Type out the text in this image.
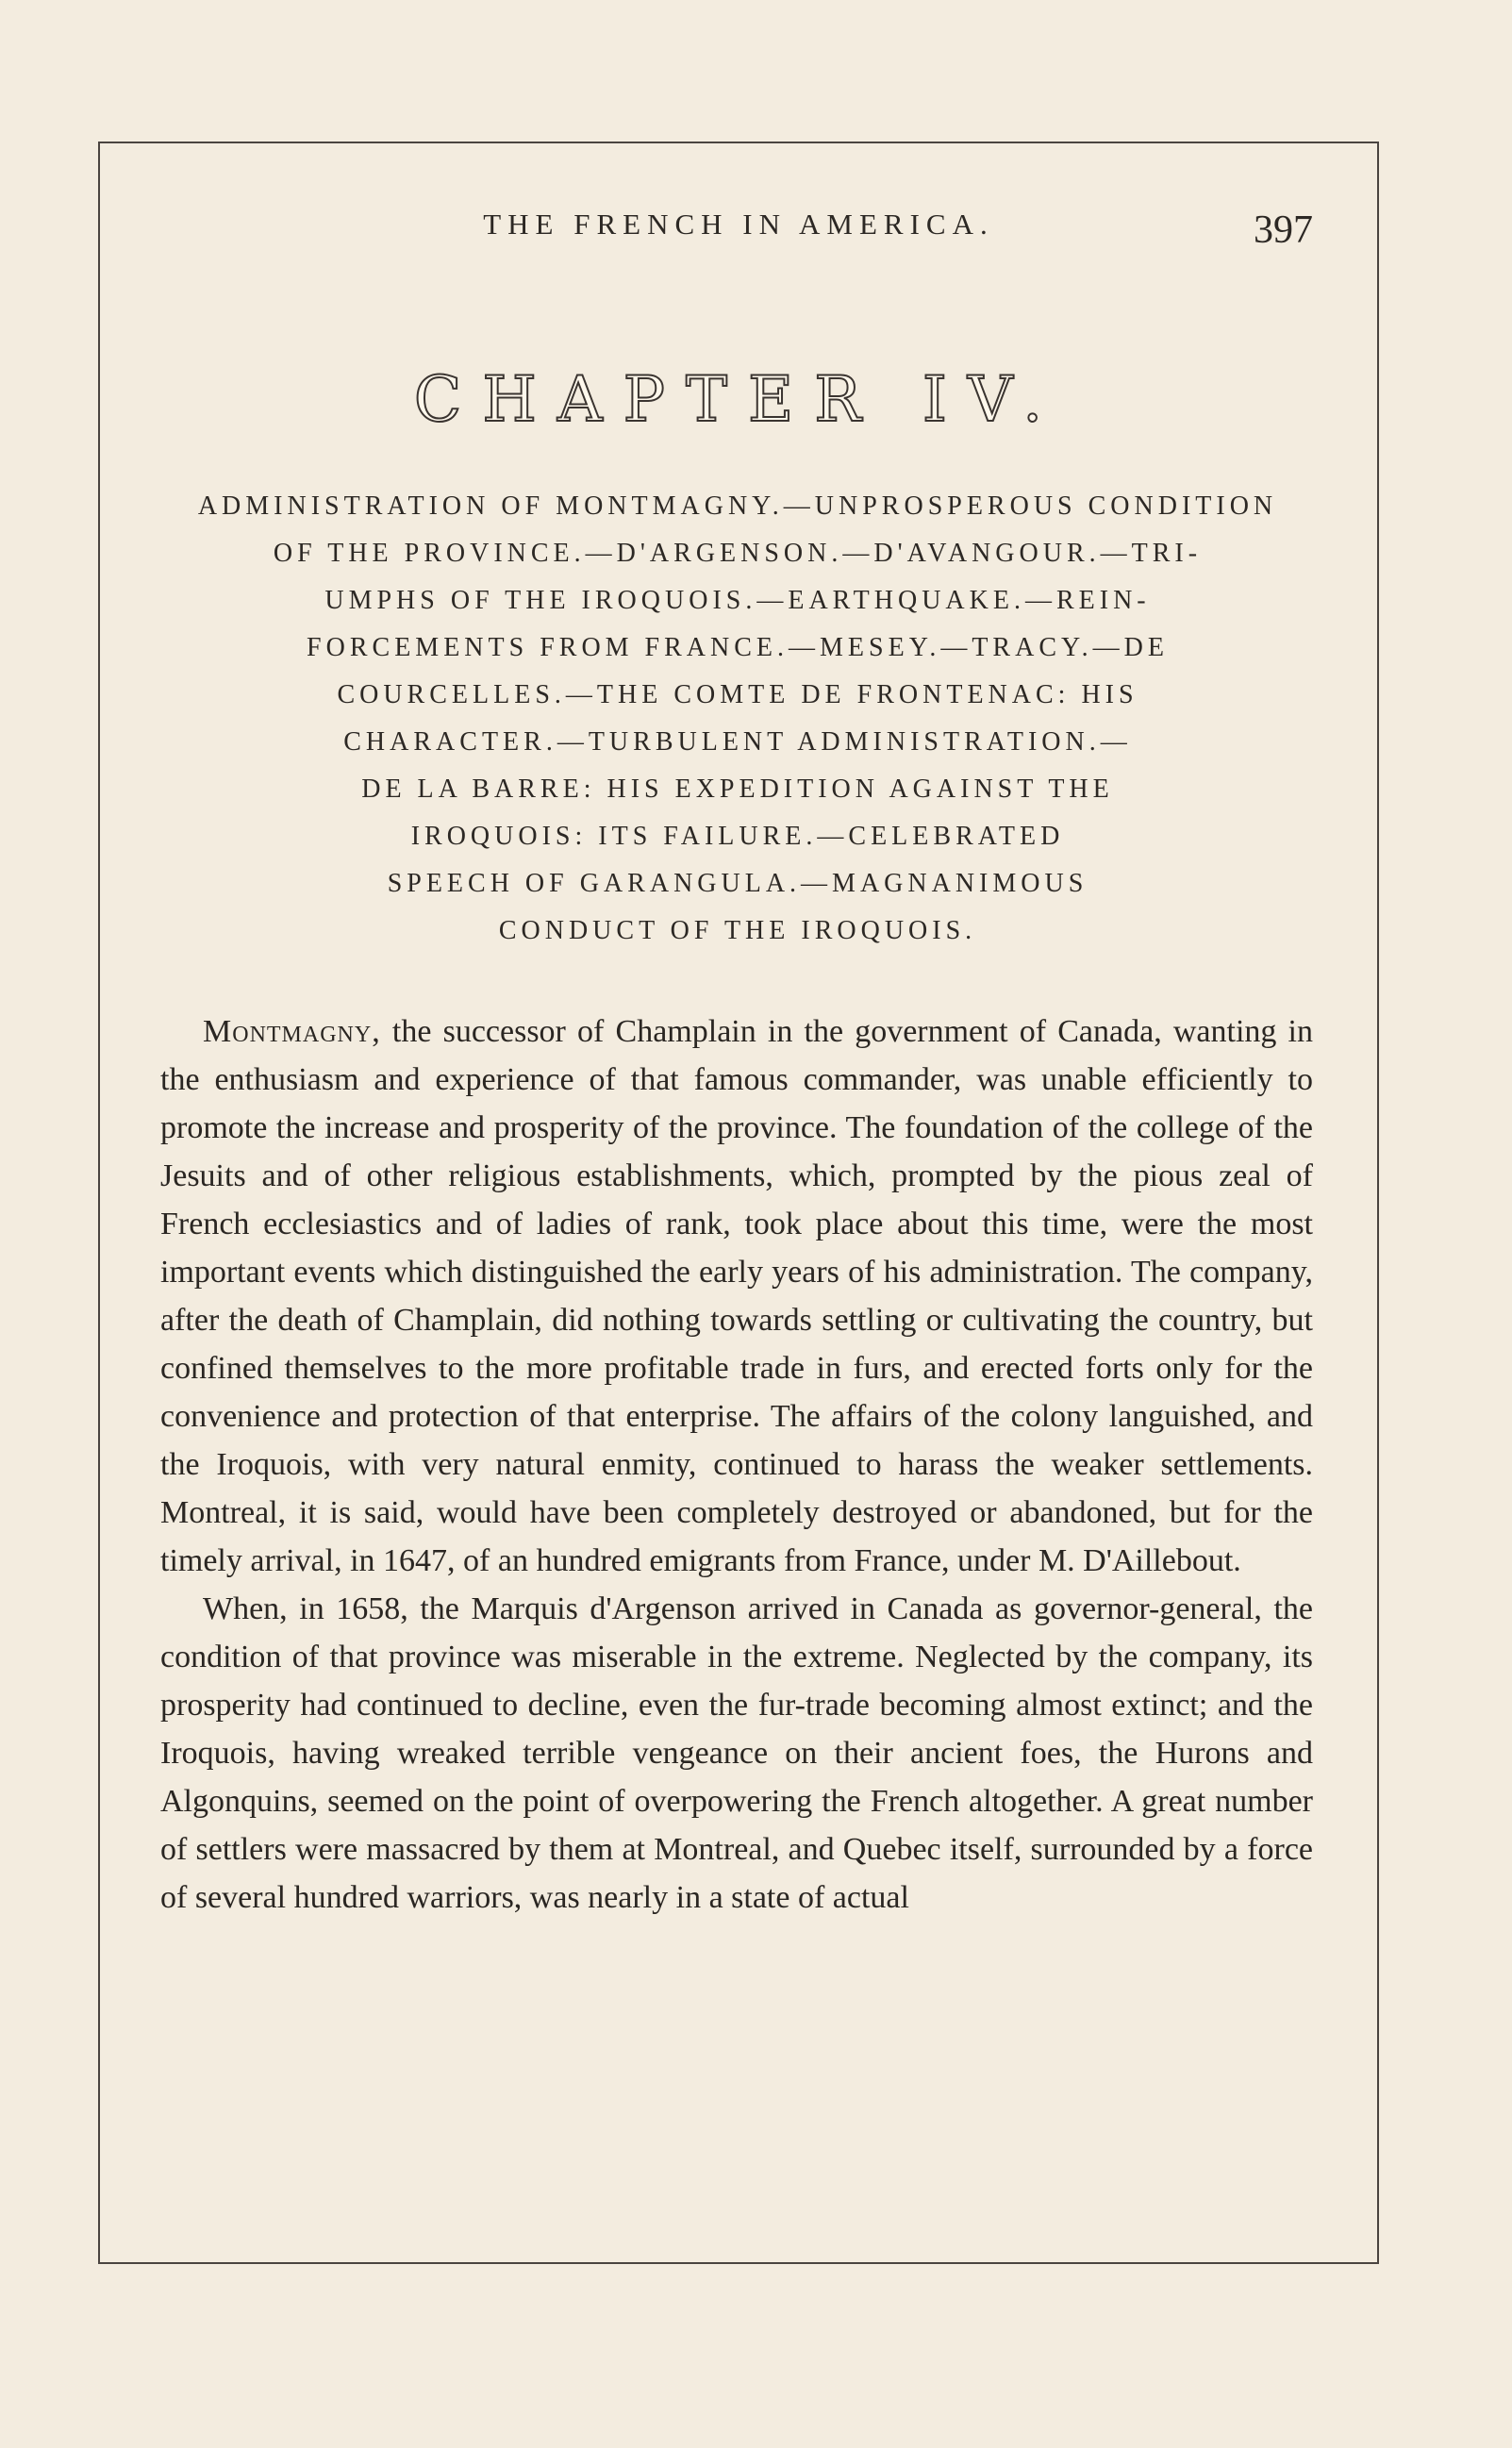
THE FRENCH IN AMERICA.	397
CHAPTER IV.
ADMINISTRATION OF MONTMAGNY.—UNPROSPEROUS CONDITION
OF THE PROVINCE.—D'ARGENSON.—D'AVANGOUR.—TRI-
UMPHS OF THE IROQUOIS.—EARTHQUAKE.—REIN-
FORCEMENTS FROM FRANCE.—MESEY.—TRACY.—DE
COURCELLES.—THE COMTE DE FRONTENAC: HIS
CHARACTER.—TURBULENT ADMINISTRATION.—
DE LA BARRE: HIS EXPEDITION AGAINST THE
IROQUOIS: ITS FAILURE.—CELEBRATED
SPEECH OF GARANGULA.—MAGNANIMOUS
CONDUCT OF THE IROQUOIS.

Montmagny, the successor of Champlain in the government of Canada, wanting in the enthusiasm and experience of that famous commander, was unable efficiently to promote the increase and prosperity of the province. The foundation of the college of the Jesuits and of other religious establishments, which, prompted by the pious zeal of French ecclesiastics and of ladies of rank, took place about this time, were the most important events which distinguished the early years of his administration. The company, after the death of Champlain, did nothing towards settling or cultivating the country, but confined themselves to the more profitable trade in furs, and erected forts only for the convenience and protection of that enterprise. The affairs of the colony languished, and the Iroquois, with very natural enmity, continued to harass the weaker settlements. Montreal, it is said, would have been completely destroyed or abandoned, but for the timely arrival, in 1647, of an hundred emigrants from France, under M. D'Aillebout.

When, in 1658, the Marquis d'Argenson arrived in Canada as governor-general, the condition of that province was miserable in the extreme. Neglected by the company, its prosperity had continued to decline, even the fur-trade becoming almost extinct; and the Iroquois, having wreaked terrible vengeance on their ancient foes, the Hurons and Algonquins, seemed on the point of overpowering the French altogether. A great number of settlers were massacred by them at Montreal, and Quebec itself, surrounded by a force of several hundred warriors, was nearly in a state of actual
